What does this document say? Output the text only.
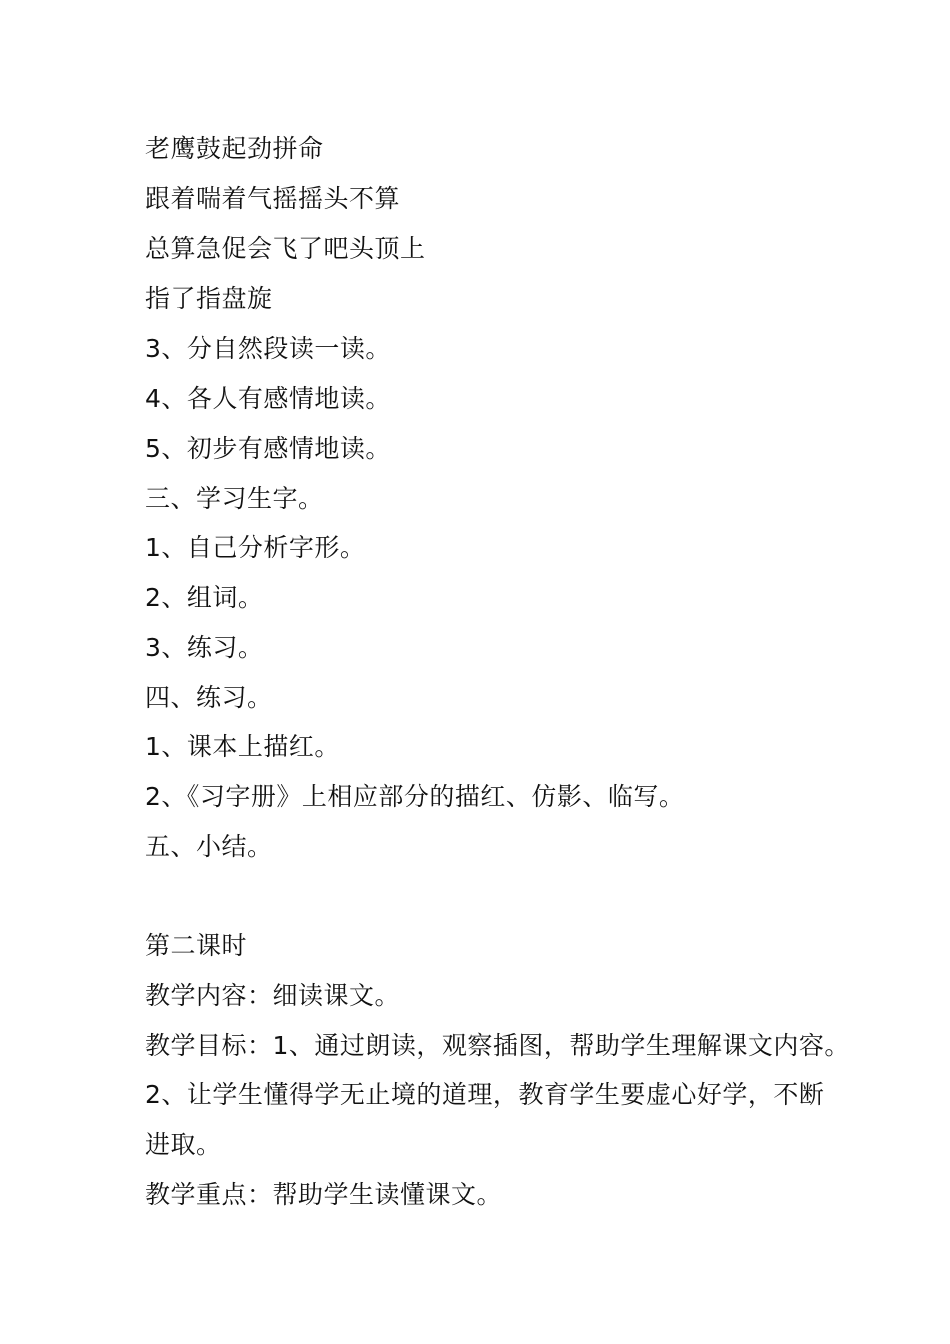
老鹰鼓起劲拼命
跟着喘着气摇摇头不算
总算急促会飞了吧头顶上
指了指盘旋
3、分自然段读一读。
4、各人有感情地读。
5、初步有感情地读。
三、学习生字。
1、自己分析字形。
2、组词。
3、练习。
四、练习。
1、课本上描红。
2、《习字册》上相应部分的描红、仿影、临写。
五、小结。
第二课时
教学内容：细读课文。
教学目标：1、通过朗读，观察插图，帮助学生理解课文内容。
2、让学生懂得学无止境的道理，教育学生要虚心好学，不断
进取。
教学重点：帮助学生读懂课文。
